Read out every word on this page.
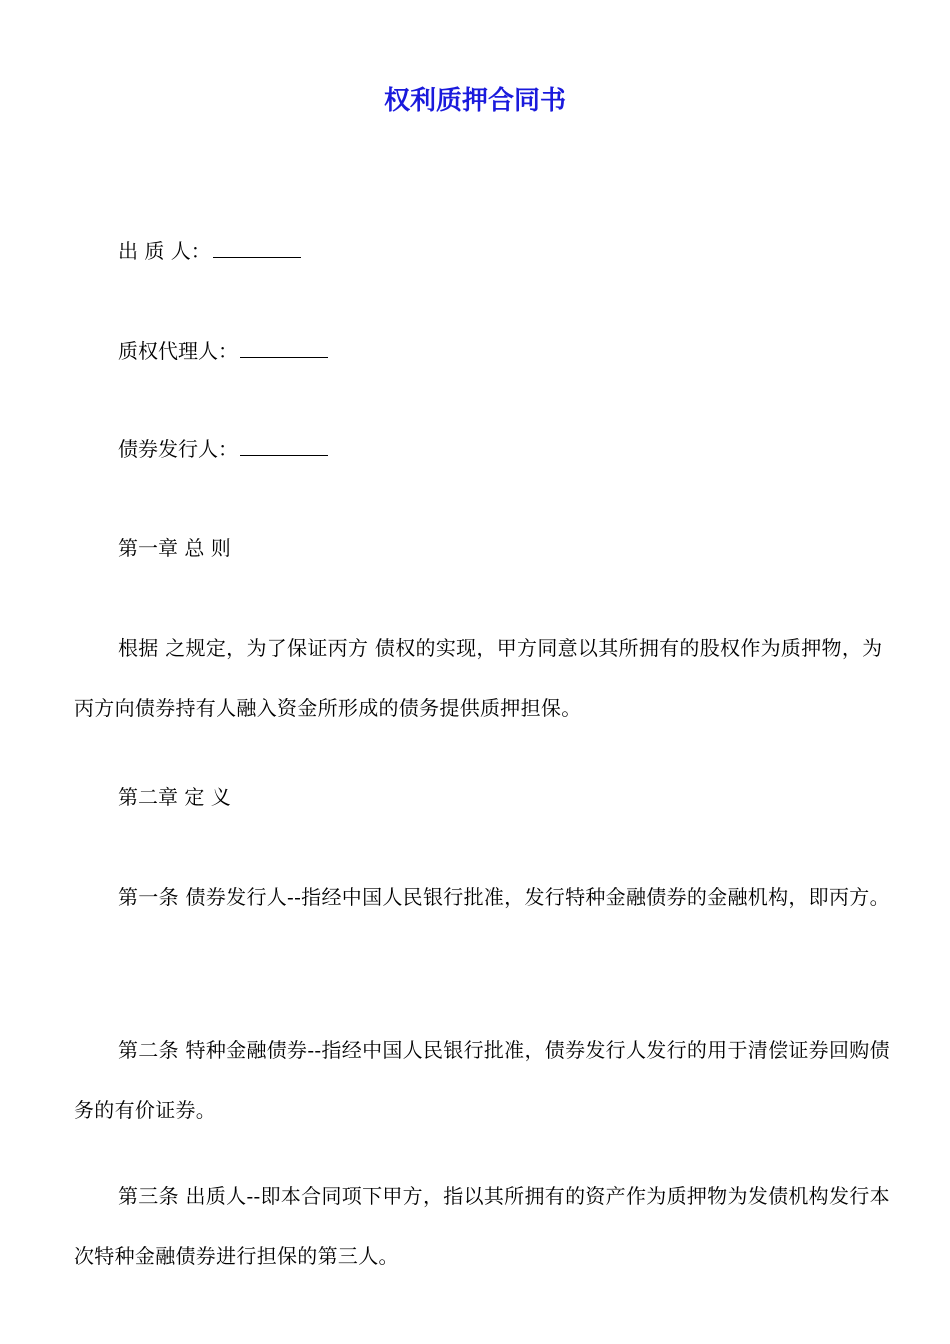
权利质押合同书

出 质 人：

质权代理人：

债券发行人：

第一章 总 则

根据 之规定，为了保证丙方 债权的实现，甲方同意以其所拥有的股权作为质押物，为丙方向债券持有人融入资金所形成的债务提供质押担保。

第二章 定 义

第一条 债券发行人--指经中国人民银行批准，发行特种金融债券的金融机构，即丙方。

第二条 特种金融债券--指经中国人民银行批准，债券发行人发行的用于清偿证券回购债务的有价证券。

第三条 出质人--即本合同项下甲方，指以其所拥有的资产作为质押物为发债机构发行本次特种金融债券进行担保的第三人。
